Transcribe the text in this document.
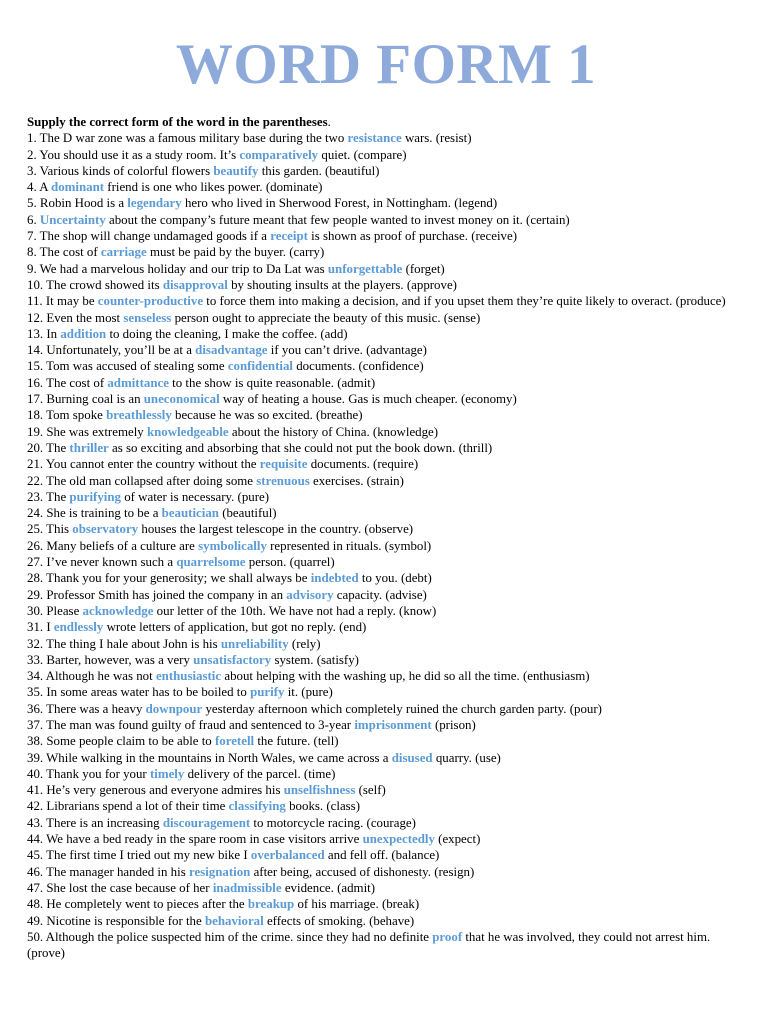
WORD FORM 1

Supply the correct form of the word in the parentheses.

1. The D war zone was a famous military base during the two resistance wars. (resist)
2. You should use it as a study room. It’s comparatively quiet. (compare)
3. Various kinds of colorful flowers beautify this garden. (beautiful)
4. A dominant friend is one who likes power. (dominate)
5. Robin Hood is a legendary hero who lived in Sherwood Forest, in Nottingham. (legend)
6. Uncertainty about the company’s future meant that few people wanted to invest money on it. (certain)
7. The shop will change undamaged goods if a receipt is shown as proof of purchase. (receive)
8. The cost of carriage must be paid by the buyer. (carry)
9. We had a marvelous holiday and our trip to Da Lat was unforgettable (forget)
10. The crowd showed its disapproval by shouting insults at the players. (approve)
11. It may be counter-productive to force them into making a decision, and if you upset them they’re quite likely to overact. (produce)
12. Even the most senseless person ought to appreciate the beauty of this music. (sense)
13. In addition to doing the cleaning, I make the coffee. (add)
14. Unfortunately, you’ll be at a disadvantage if you can’t drive. (advantage)
15. Tom was accused of stealing some confidential documents. (confidence)
16. The cost of admittance to the show is quite reasonable. (admit)
17. Burning coal is an uneconomical way of heating a house. Gas is much cheaper. (economy)
18. Tom spoke breathlessly because he was so excited. (breathe)
19. She was extremely knowledgeable about the history of China. (knowledge)
20. The thriller as so exciting and absorbing that she could not put the book down. (thrill)
21. You cannot enter the country without the requisite documents. (require)
22. The old man collapsed after doing some strenuous exercises. (strain)
23. The purifying of water is necessary. (pure)
24. She is training to be a beautician (beautiful)
25. This observatory houses the largest telescope in the country. (observe)
26. Many beliefs of a culture are symbolically represented in rituals. (symbol)
27. I’ve never known such a quarrelsome person. (quarrel)
28. Thank you for your generosity; we shall always be indebted to you. (debt)
29. Professor Smith has joined the company in an advisory capacity. (advise)
30. Please acknowledge our letter of the 10th. We have not had a reply. (know)
31. I endlessly wrote letters of application, but got no reply. (end)
32. The thing I hale about John is his unreliability (rely)
33. Barter, however, was a very unsatisfactory system. (satisfy)
34. Although he was not enthusiastic about helping with the washing up, he did so all the time. (enthusiasm)
35. In some areas water has to be boiled to purify it. (pure)
36. There was a heavy downpour yesterday afternoon which completely ruined the church garden party. (pour)
37. The man was found guilty of fraud and sentenced to 3-year imprisonment (prison)
38. Some people claim to be able to foretell the future. (tell)
39. While walking in the mountains in North Wales, we came across a disused quarry. (use)
40. Thank you for your timely delivery of the parcel. (time)
41. He’s very generous and everyone admires his unselfishness (self)
42. Librarians spend a lot of their time classifying books. (class)
43. There is an increasing discouragement to motorcycle racing. (courage)
44. We have a bed ready in the spare room in case visitors arrive unexpectedly (expect)
45. The first time I tried out my new bike I overbalanced and fell off. (balance)
46. The manager handed in his resignation after being, accused of dishonesty. (resign)
47. She lost the case because of her inadmissible evidence. (admit)
48. He completely went to pieces after the breakup of his marriage. (break)
49. Nicotine is responsible for the behavioral effects of smoking. (behave)
50. Although the police suspected him of the crime. since they had no definite proof that he was involved, they could not arrest him. (prove)
